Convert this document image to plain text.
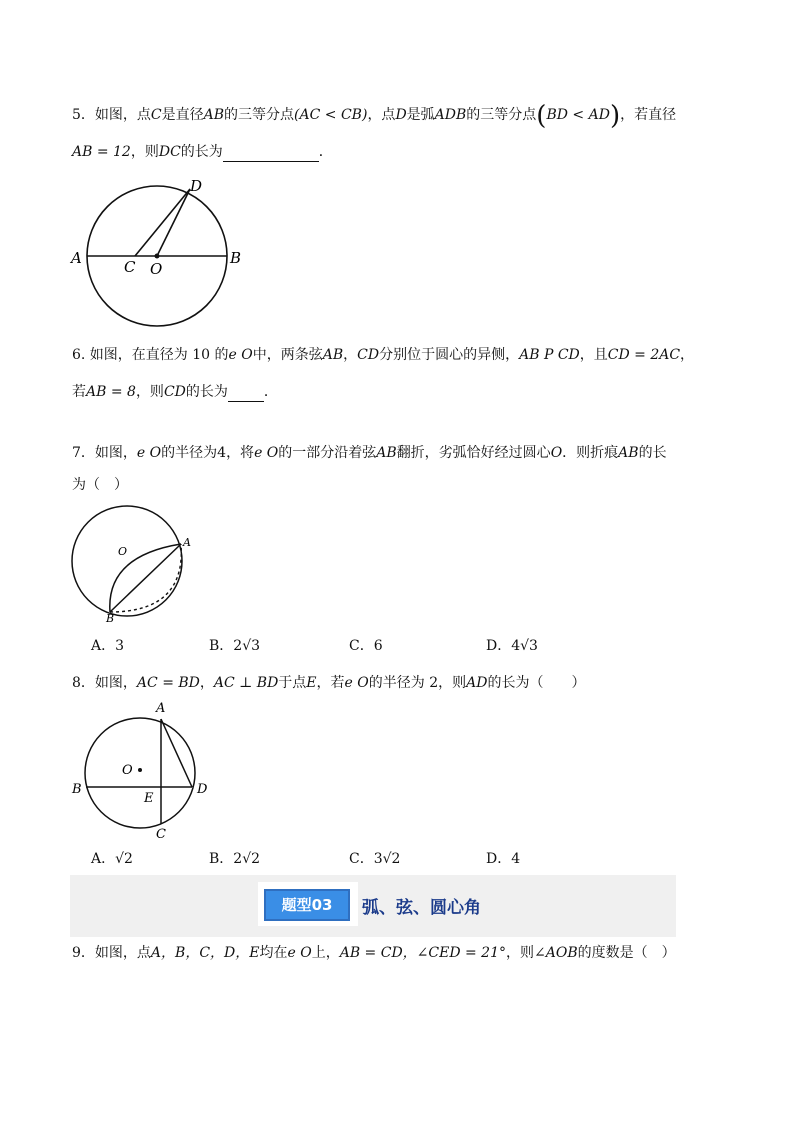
5．如图，点C是直径AB的三等分点(AC < CB)，点D是弧ADB的三等分点(BD < AD)，若直径
AB = 12，则DC的长为	．
A	B
C O
D
6. 如图，在直径为 10 的e O中，两条弦AB，CD分别位于圆心的异侧，AB P CD，且CD = 2AC，
若AB = 8，则CD的长为	．
7．如图，e O的半径为4，将e O的一部分沿着弦AB翻折，劣弧恰好经过圆心O．则折痕AB的长
为（　）
A
B
O
A．3	B．2√3	C．6	D．4√3
8．如图，AC = BD，AC ⊥ BD于点E，若e O的半径为 2，则AD的长为（　　）
A
B
C
D
E
O
A．√2	B．2√2	C．3√2	D．4
题型03	弧、弦、圆心角
9．如图，点A，B，C，D，E均在e O上，AB = CD，∠CED = 21°，则∠AOB的度数是（　）
